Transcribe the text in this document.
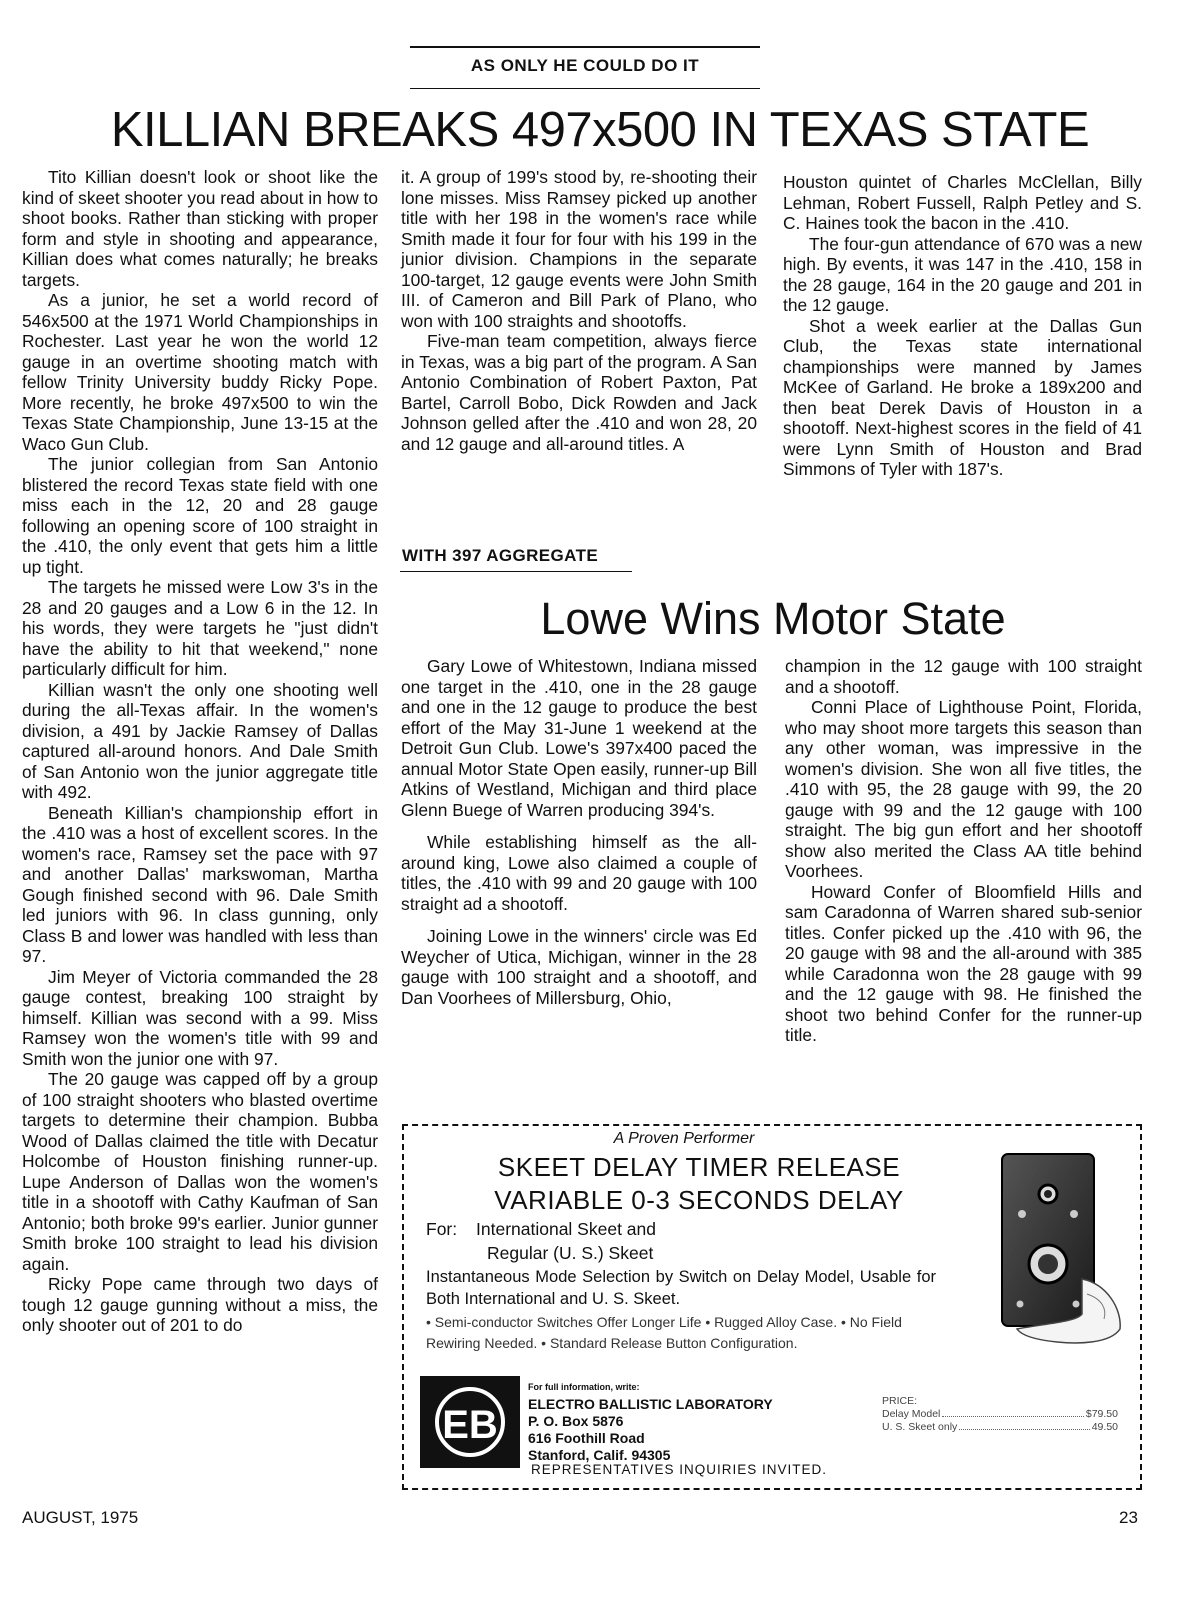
AS ONLY HE COULD DO IT
KILLIAN BREAKS 497x500 IN TEXAS STATE

Tito Killian doesn't look or shoot like the kind of skeet shooter you read about in how to shoot books. Rather than sticking with proper form and style in shooting and appearance, Killian does what comes naturally; he breaks targets.

As a junior, he set a world record of 546x500 at the 1971 World Championships in Rochester. Last year he won the world 12 gauge in an overtime shooting match with fellow Trinity University buddy Ricky Pope. More recently, he broke 497x500 to win the Texas State Championship, June 13-15 at the Waco Gun Club.

The junior collegian from San Antonio blistered the record Texas state field with one miss each in the 12, 20 and 28 gauge following an opening score of 100 straight in the .410, the only event that gets him a little up tight.

The targets he missed were Low 3's in the 28 and 20 gauges and a Low 6 in the 12. In his words, they were targets he "just didn't have the ability to hit that weekend," none particularly difficult for him.

Killian wasn't the only one shooting well during the all-Texas affair. In the women's division, a 491 by Jackie Ramsey of Dallas captured all-around honors. And Dale Smith of San Antonio won the junior aggregate title with 492.

Beneath Killian's championship effort in the .410 was a host of excellent scores. In the women's race, Ramsey set the pace with 97 and another Dallas' markswoman, Martha Gough finished second with 96. Dale Smith led juniors with 96. In class gunning, only Class B and lower was handled with less than 97.

Jim Meyer of Victoria commanded the 28 gauge contest, breaking 100 straight by himself. Killian was second with a 99. Miss Ramsey won the women's title with 99 and Smith won the junior one with 97.

The 20 gauge was capped off by a group of 100 straight shooters who blasted overtime targets to determine their champion. Bubba Wood of Dallas claimed the title with Decatur Holcombe of Houston finishing runner-up. Lupe Anderson of Dallas won the women's title in a shootoff with Cathy Kaufman of San Antonio; both broke 99's earlier. Junior gunner Smith broke 100 straight to lead his division again.

Ricky Pope came through two days of tough 12 gauge gunning without a miss, the only shooter out of 201 to do

it. A group of 199's stood by, re-shooting their lone misses. Miss Ramsey picked up another title with her 198 in the women's race while Smith made it four for four with his 199 in the junior division. Champions in the separate 100-target, 12 gauge events were John Smith III. of Cameron and Bill Park of Plano, who won with 100 straights and shootoffs.

Five-man team competition, always fierce in Texas, was a big part of the program. A San Antonio Combination of Robert Paxton, Pat Bartel, Carroll Bobo, Dick Rowden and Jack Johnson gelled after the .410 and won 28, 20 and 12 gauge and all-around titles. A

Houston quintet of Charles McClellan, Billy Lehman, Robert Fussell, Ralph Petley and S. C. Haines took the bacon in the .410.

The four-gun attendance of 670 was a new high. By events, it was 147 in the .410, 158 in the 28 gauge, 164 in the 20 gauge and 201 in the 12 gauge.

Shot a week earlier at the Dallas Gun Club, the Texas state international championships were manned by James McKee of Garland. He broke a 189x200 and then beat Derek Davis of Houston in a shootoff. Next-highest scores in the field of 41 were Lynn Smith of Houston and Brad Simmons of Tyler with 187's.

WITH 397 AGGREGATE
Lowe Wins Motor State

Gary Lowe of Whitestown, Indiana missed one target in the .410, one in the 28 gauge and one in the 12 gauge to produce the best effort of the May 31-June 1 weekend at the Detroit Gun Club. Lowe's 397x400 paced the annual Motor State Open easily, runner-up Bill Atkins of Westland, Michigan and third place Glenn Buege of Warren producing 394's.

While establishing himself as the all-around king, Lowe also claimed a couple of titles, the .410 with 99 and 20 gauge with 100 straight ad a shootoff.

Joining Lowe in the winners' circle was Ed Weycher of Utica, Michigan, winner in the 28 gauge with 100 straight and a shootoff, and Dan Voorhees of Millersburg, Ohio,

champion in the 12 gauge with 100 straight and a shootoff.

Conni Place of Lighthouse Point, Florida, who may shoot more targets this season than any other woman, was impressive in the women's division. She won all five titles, the .410 with 95, the 28 gauge with 99, the 20 gauge with 99 and the 12 gauge with 100 straight. The big gun effort and her shootoff show also merited the Class AA title behind Voorhees.

Howard Confer of Bloomfield Hills and sam Caradonna of Warren shared sub-senior titles. Confer picked up the .410 with 96, the 20 gauge with 98 and the all-around with 385 while Caradonna won the 28 gauge with 99 and the 12 gauge with 98. He finished the shoot two behind Confer for the runner-up title.

A Proven Performer
SKEET DELAY TIMER RELEASE
VARIABLE 0-3 SECONDS DELAY
For: International Skeet and
Regular (U. S.) Skeet
Instantaneous Mode Selection by Switch on Delay Model, Usable for Both International and U. S. Skeet.
• Semi-conductor Switches Offer Longer Life • Rugged Alloy Case. • No Field Rewiring Needed. • Standard Release Button Configuration.
EB
For full information, write:
ELECTRO BALLISTIC LABORATORY
P. O. Box 5876
616 Foothill Road
Stanford, Calif. 94305
REPRESENTATIVES INQUIRIES INVITED.
PRICE:
Delay Model	$79.50
U. S. Skeet only	49.50
AUGUST, 1975	23
